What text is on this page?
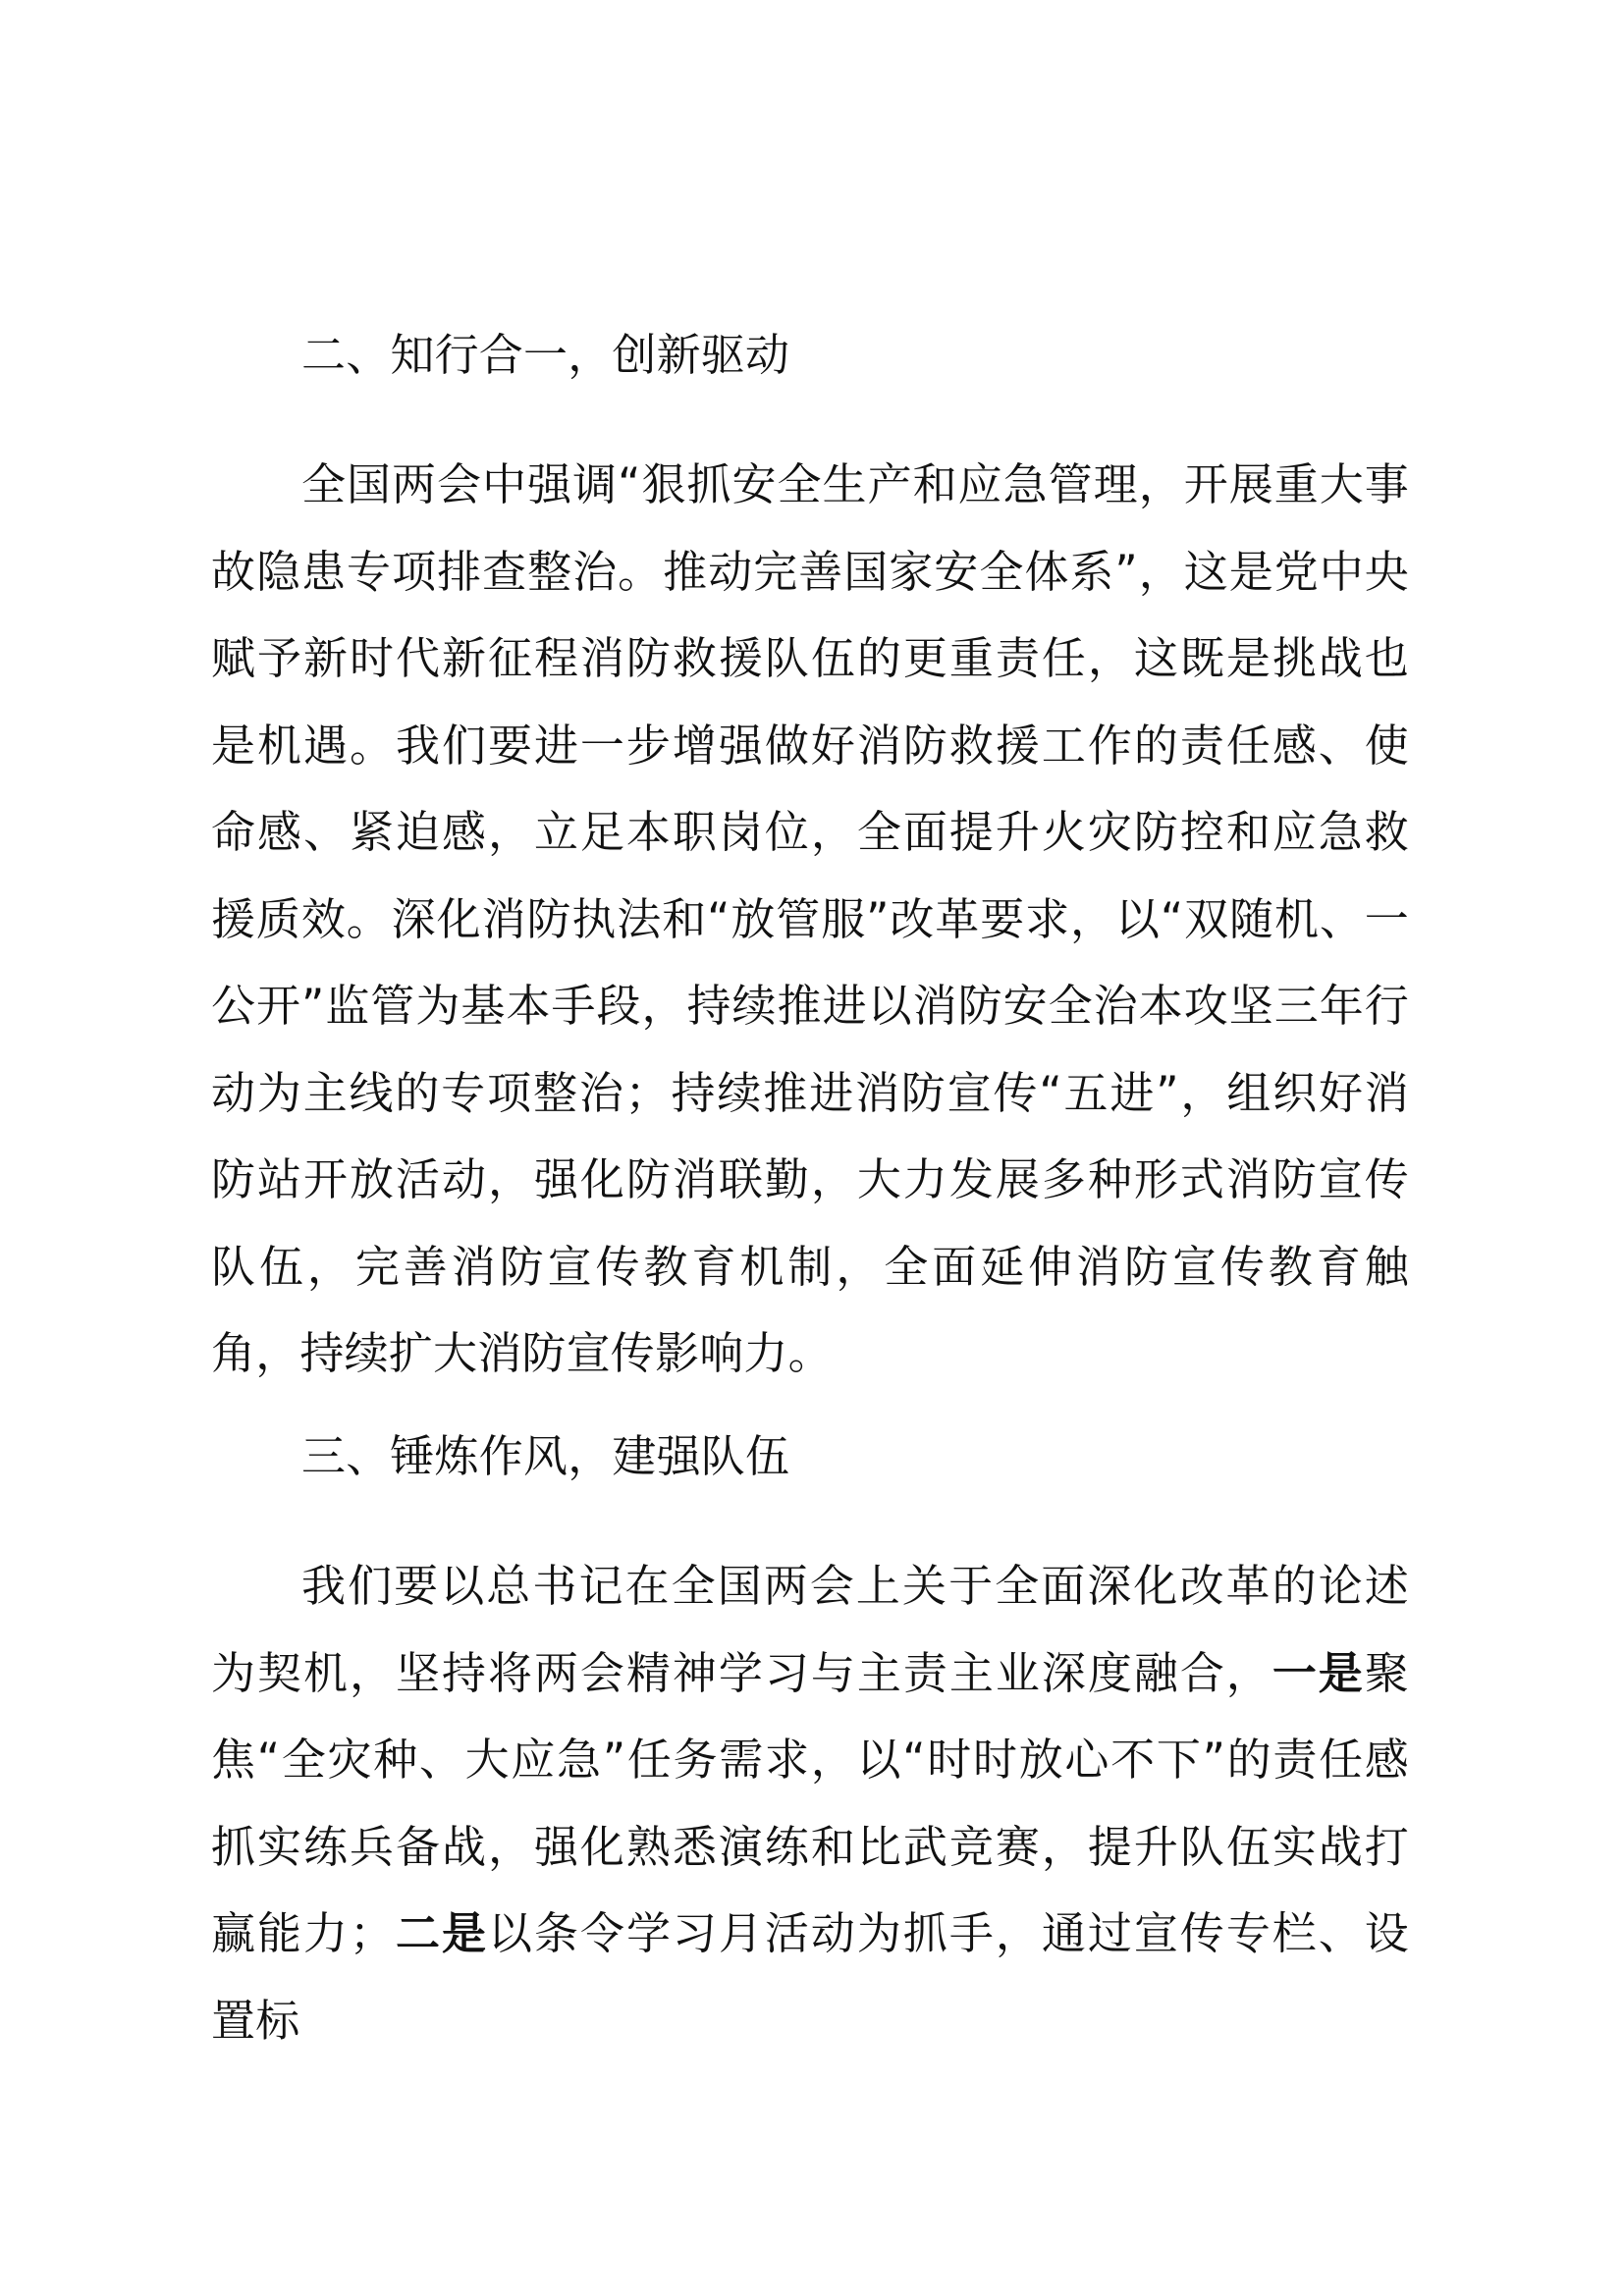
二、知行合一，创新驱动

全国两会中强调“狠抓安全生产和应急管理，开展重大事故隐患专项排查整治。推动完善国家安全体系”，这是党中央赋予新时代新征程消防救援队伍的更重责任，这既是挑战也是机遇。我们要进一步增强做好消防救援工作的责任感、使命感、紧迫感，立足本职岗位，全面提升火灾防控和应急救援质效。深化消防执法和“放管服”改革要求，以“双随机、一公开”监管为基本手段，持续推进以消防安全治本攻坚三年行动为主线的专项整治；持续推进消防宣传“五进”，组织好消防站开放活动，强化防消联勤，大力发展多种形式消防宣传队伍，完善消防宣传教育机制，全面延伸消防宣传教育触角，持续扩大消防宣传影响力。

三、锤炼作风，建强队伍

我们要以总书记在全国两会上关于全面深化改革的论述为契机，坚持将两会精神学习与主责主业深度融合，一是聚焦“全灾种、大应急”任务需求，以“时时放心不下”的责任感抓实练兵备战，强化熟悉演练和比武竞赛，提升队伍实战打赢能力；二是以条令学习月活动为抓手，通过宣传专栏、设置标
